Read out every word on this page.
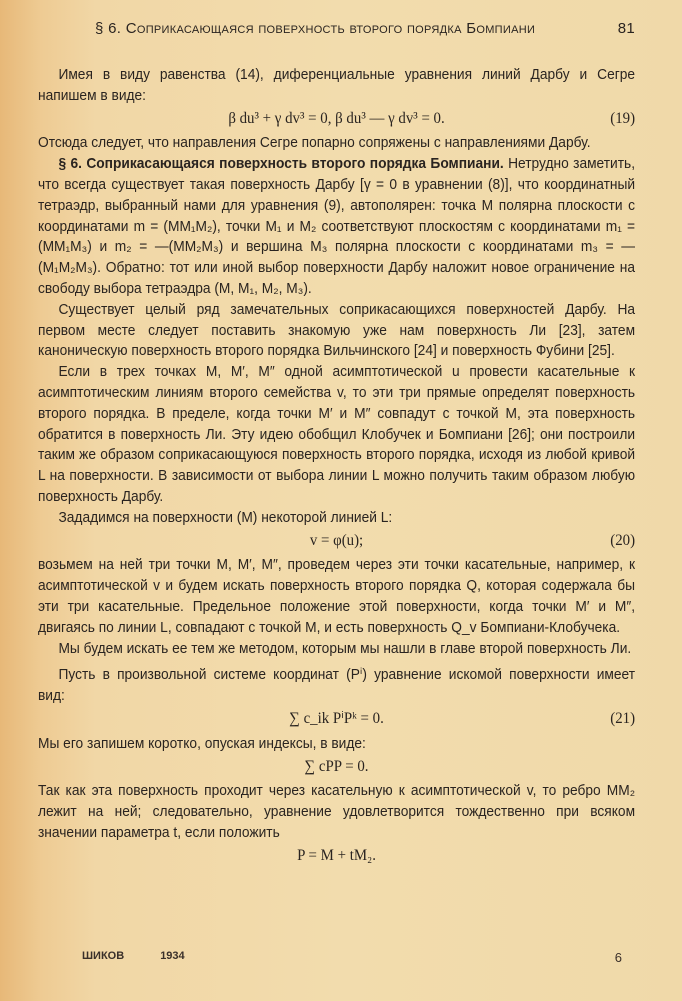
§ 6. Соприкасающаяся поверхность второго порядка Бомпиани	81

Имея в виду равенства (14), диференциальные уравнения линий Дарбу и Сегре напишем в виде:

β du³ + γ dv³ = 0, β du³ — γ dv³ = 0.	(19)

Отсюда следует, что направления Сегре попарно сопряжены с направлениями Дарбу.

§ 6. Соприкасающаяся поверхность второго порядка Бомпиани. Нетрудно заметить, что всегда существует такая поверхность Дарбу [γ = 0 в уравнении (8)], что координатный тетраэдр, выбранный нами для уравнения (9), автополярен: точка M полярна плоскости с координатами m = (MM₁M₂), точки M₁ и M₂ соответствуют плоскостям с координатами m₁ = (MM₁M₃) и m₂ = —(MM₂M₃) и вершина M₃ полярна плоскости с координатами m₃ = —(M₁M₂M₃). Обратно: тот или иной выбор поверхности Дарбу наложит новое ограничение на свободу выбора тетраэдра (M, M₁, M₂, M₃).

Существует целый ряд замечательных соприкасающихся поверхностей Дарбу. На первом месте следует поставить знакомую уже нам поверхность Ли [23], затем каноническую поверхность второго порядка Вильчинского [24] и поверхность Фубини [25].

Если в трех точках M, M′, M″ одной асимптотической u провести касательные к асимптотическим линиям второго семейства v, то эти три прямые определят поверхность второго порядка. В пределе, когда точки M′ и M″ совпадут с точкой M, эта поверхность обратится в поверхность Ли. Эту идею обобщил Клобучек и Бомпиани [26]; они построили таким же образом соприкасающуюся поверхность второго порядка, исходя из любой кривой L на поверхности. В зависимости от выбора линии L можно получить таким образом любую поверхность Дарбу.

Зададимся на поверхности (M) некоторой линией L:

v = φ(u);	(20)

возьмем на ней три точки M, M′, M″, проведем через эти точки касательные, например, к асимптотической v и будем искать поверхность второго порядка Q, которая содержала бы эти три касательные. Предельное положение этой поверхности, когда точки M′ и M″, двигаясь по линии L, совпадают с точкой M, и есть поверхность Q_v Бомпиани-Клобучека.

Мы будем искать ее тем же методом, которым мы нашли в главе второй поверхность Ли.

Пусть в произвольной системе координат (Pⁱ) уравнение искомой поверхности имеет вид:

∑ c_ik PⁱPᵏ = 0.	(21)

Мы его запишем коротко, опуская индексы, в виде:

∑ cPP = 0.

Так как эта поверхность проходит через касательную к асимптотической v, то ребро MM₂ лежит на ней; следовательно, уравнение удовлетворится тождественно при всяком значении параметра t, если положить

P = M + tM₂.
ШИКОВ	1934	6
